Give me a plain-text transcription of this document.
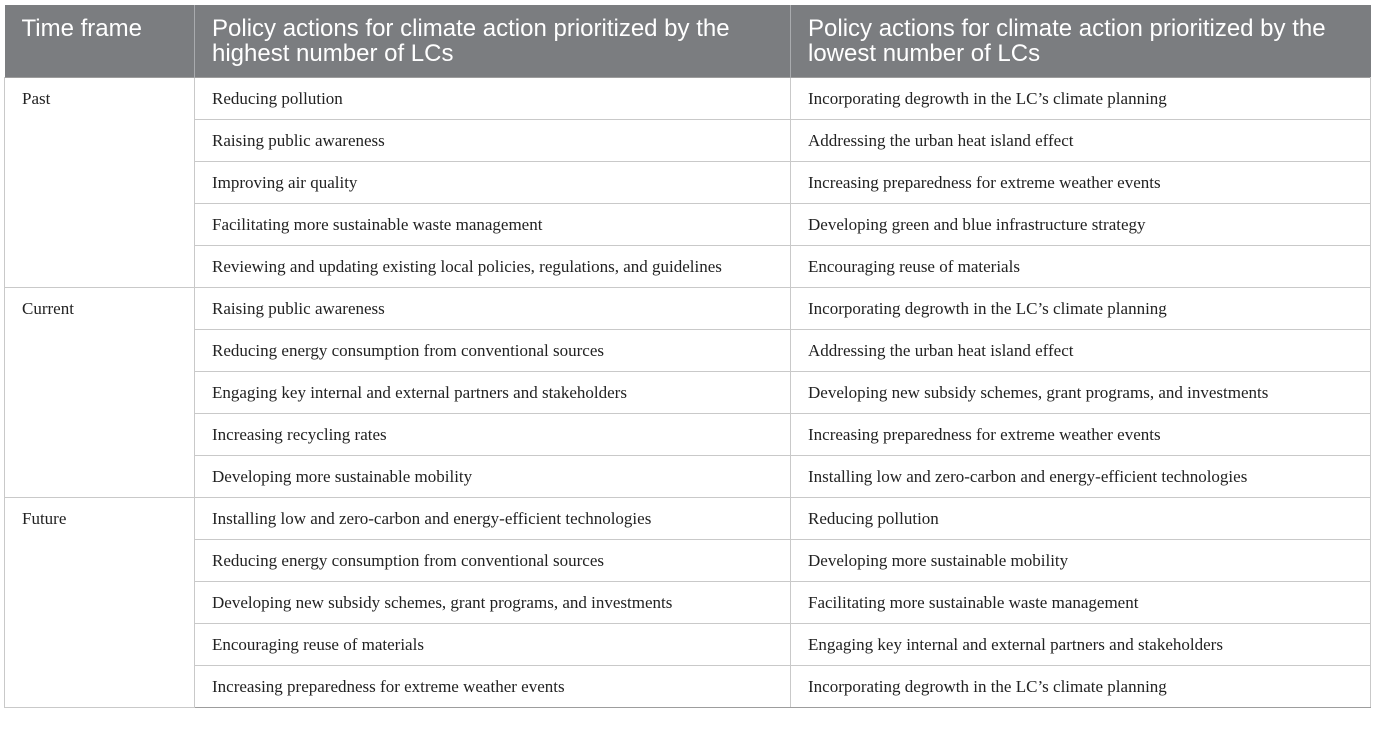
Time frame	Policy actions for climate action prioritized by the highest number of LCs	Policy actions for climate action prioritized by the lowest number of LCs
Past	Reducing pollution	Incorporating degrowth in the LC’s climate planning
	Raising public awareness	Addressing the urban heat island effect
	Improving air quality	Increasing preparedness for extreme weather events
	Facilitating more sustainable waste management	Developing green and blue infrastructure strategy
	Reviewing and updating existing local policies, regulations, and guidelines	Encouraging reuse of materials
Current	Raising public awareness	Incorporating degrowth in the LC’s climate planning
	Reducing energy consumption from conventional sources	Addressing the urban heat island effect
	Engaging key internal and external partners and stakeholders	Developing new subsidy schemes, grant programs, and investments
	Increasing recycling rates	Increasing preparedness for extreme weather events
	Developing more sustainable mobility	Installing low and zero-carbon and energy-efficient technologies
Future	Installing low and zero-carbon and energy-efficient technologies	Reducing pollution
	Reducing energy consumption from conventional sources	Developing more sustainable mobility
	Developing new subsidy schemes, grant programs, and investments	Facilitating more sustainable waste management
	Encouraging reuse of materials	Engaging key internal and external partners and stakeholders
	Increasing preparedness for extreme weather events	Incorporating degrowth in the LC’s climate planning
